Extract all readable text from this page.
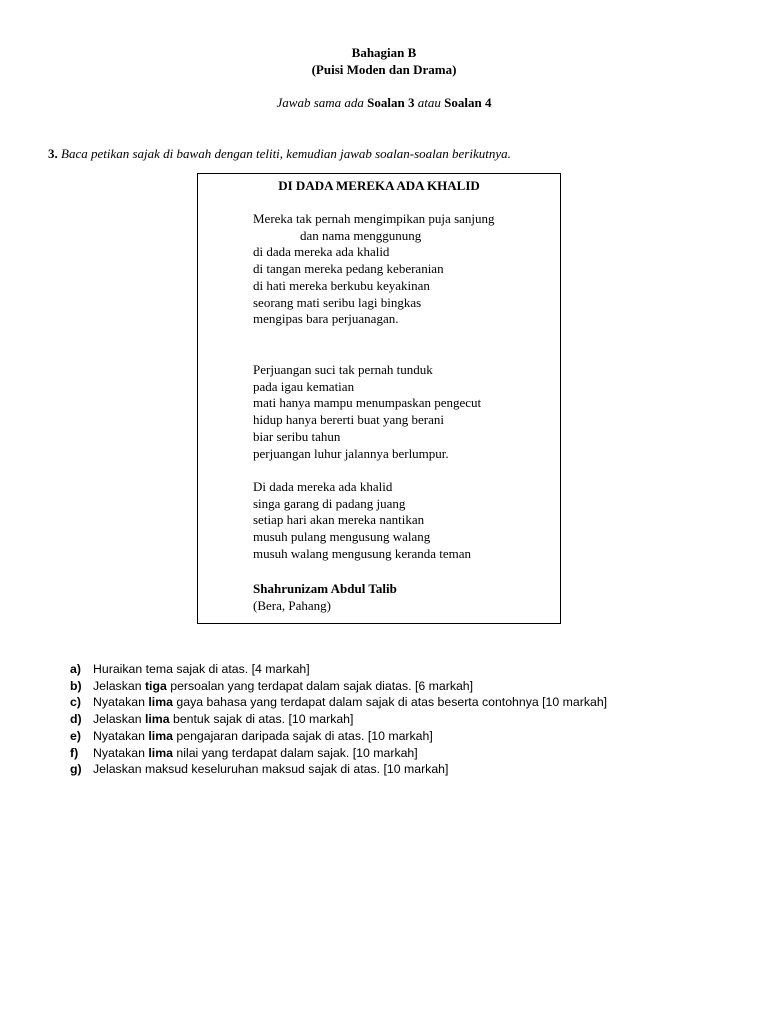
Bahagian B
(Puisi Moden dan Drama)
Jawab sama ada Soalan 3 atau Soalan 4
3. Baca petikan sajak di bawah dengan teliti, kemudian jawab soalan-soalan berikutnya.
DI DADA MEREKA ADA KHALID
Mereka tak pernah mengimpikan puja sanjung
dan nama menggunung
di dada mereka ada khalid
di tangan mereka pedang keberanian
di hati mereka berkubu keyakinan
seorang mati seribu lagi bingkas
mengipas bara perjuanagan.
Perjuangan suci tak pernah tunduk
pada igau kematian
mati hanya mampu menumpaskan pengecut
hidup hanya bererti buat yang berani
biar seribu tahun
perjuangan luhur jalannya berlumpur.
Di dada mereka ada khalid
singa garang di padang juang
setiap hari akan mereka nantikan
musuh pulang mengusung walang
musuh walang mengusung keranda teman
Shahrunizam Abdul Talib
(Bera, Pahang)
a) Huraikan tema sajak di atas. [4 markah]
b) Jelaskan tiga persoalan yang terdapat dalam sajak diatas. [6 markah]
c) Nyatakan lima gaya bahasa yang terdapat dalam sajak di atas beserta contohnya [10 markah]
d) Jelaskan lima bentuk sajak di atas. [10 markah]
e) Nyatakan lima pengajaran daripada sajak di atas. [10 markah]
f)	Nyatakan lima nilai yang terdapat dalam sajak. [10 markah]
g) Jelaskan maksud keseluruhan maksud sajak di atas. [10 markah]
